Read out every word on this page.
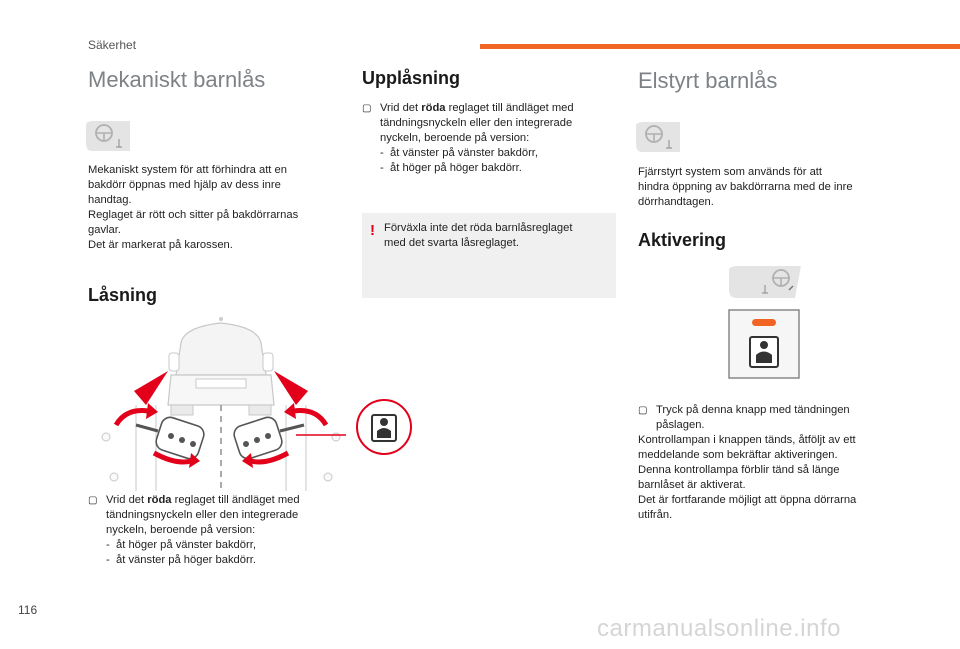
Säkerhet
Mekaniskt barnlås
Mekaniskt system för att förhindra att en
bakdörr öppnas med hjälp av dess inre
handtag.
Reglaget är rött och sitter på bakdörrarnas
gavlar.
Det är markerat på karossen.
Låsning
▢ Vrid det röda reglaget till ändläget med
tändningsnyckeln eller den integrerade
nyckeln, beroende på version:
- åt höger på vänster bakdörr,
- åt vänster på höger bakdörr.
Upplåsning
▢ Vrid det röda reglaget till ändläget med
tändningsnyckeln eller den integrerade
nyckeln, beroende på version:
- åt vänster på vänster bakdörr,
- åt höger på höger bakdörr.
! Förväxla inte det röda barnlåsreglaget
med det svarta låsreglaget.
Elstyrt barnlås
Fjärrstyrt system som används för att
hindra öppning av bakdörrarna med de inre
dörrhandtagen.
Aktivering
▢ Tryck på denna knapp med tändningen
påslagen.
Kontrollampan i knappen tänds, åtföljt av ett
meddelande som bekräftar aktiveringen.
Denna kontrollampa förblir tänd så länge
barnlåset är aktiverat.
Det är fortfarande möjligt att öppna dörrarna
utifrån.
116
carmanualsonline.info
